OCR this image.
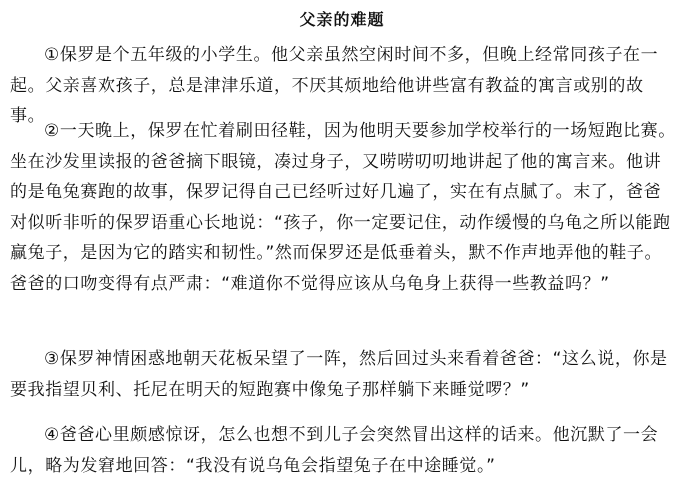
父亲的难题

①保罗是个五年级的小学生。他父亲虽然空闲时间不多，但晚上经常同孩子在一起。父亲喜欢孩子，总是津津乐道，不厌其烦地给他讲些富有教益的寓言或别的故事。

②一天晚上，保罗在忙着刷田径鞋，因为他明天要参加学校举行的一场短跑比赛。坐在沙发里读报的爸爸摘下眼镜，凑过身子，又唠唠叨叨地讲起了他的寓言来。他讲的是龟兔赛跑的故事，保罗记得自己已经听过好几遍了，实在有点腻了。末了，爸爸对似听非听的保罗语重心长地说：“孩子，你一定要记住，动作缓慢的乌龟之所以能跑赢兔子，是因为它的踏实和韧性。”然而保罗还是低垂着头，默不作声地弄他的鞋子。爸爸的口吻变得有点严肃：“难道你不觉得应该从乌龟身上获得一些教益吗？”

③保罗神情困惑地朝天花板呆望了一阵，然后回过头来看着爸爸：“这么说，你是要我指望贝利、托尼在明天的短跑赛中像兔子那样躺下来睡觉啰？”

④爸爸心里颇感惊讶，怎么也想不到儿子会突然冒出这样的话来。他沉默了一会儿，略为发窘地回答：“我没有说乌龟会指望兔子在中途睡觉。”
